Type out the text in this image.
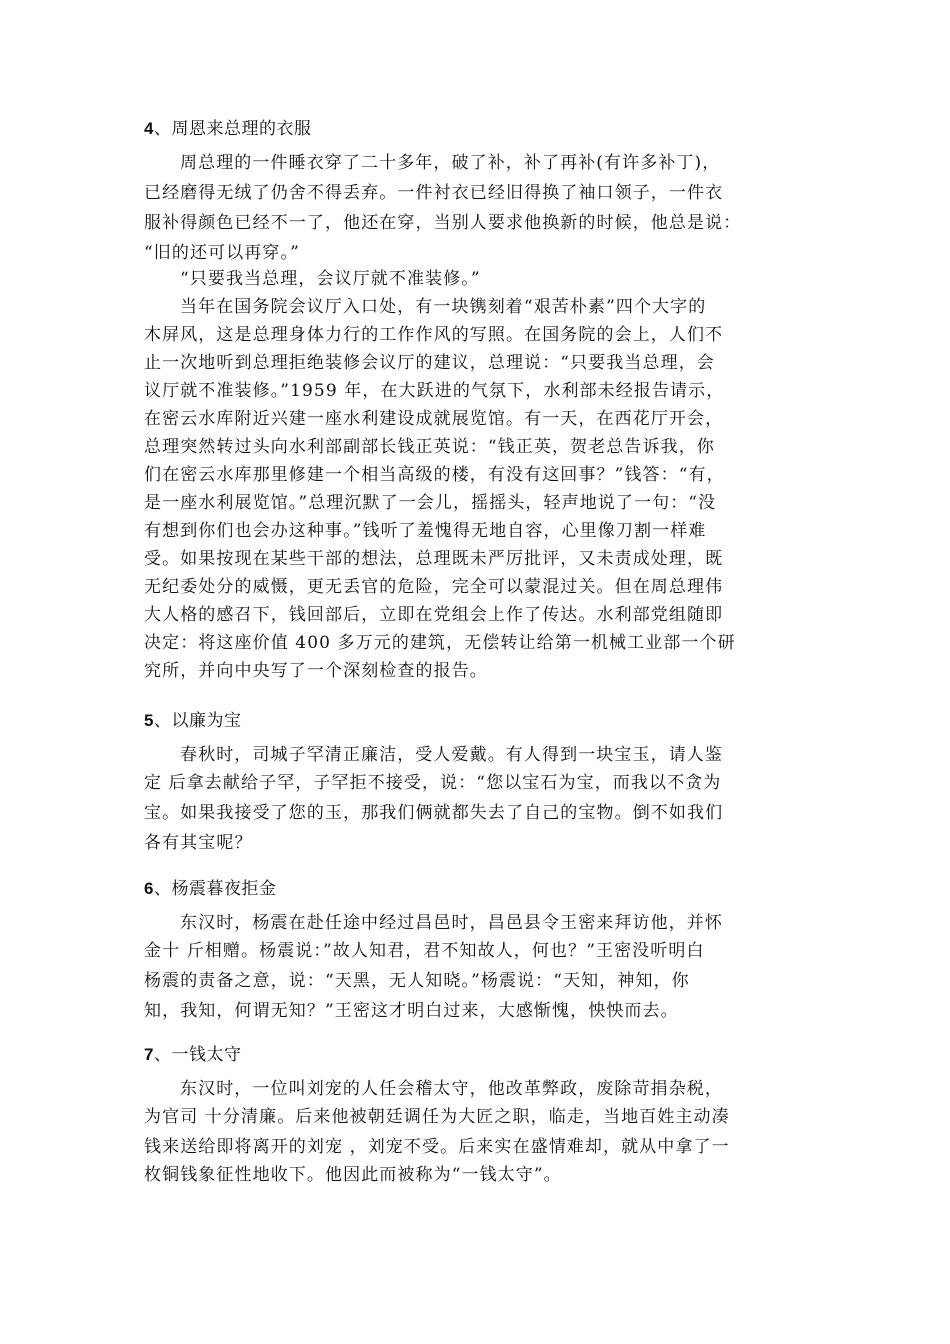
4、周恩来总理的衣服
周总理的一件睡衣穿了二十多年，破了补，补了再补(有许多补丁)，
已经磨得无绒了仍舍不得丢弃。一件衬衣已经旧得换了袖口领子，一件衣
服补得颜色已经不一了，他还在穿，当别人要求他换新的时候，他总是说：
“旧的还可以再穿。”
“只要我当总理，会议厅就不准装修。”
当年在国务院会议厅入口处，有一块镌刻着“艰苦朴素”四个大字的
木屏风，这是总理身体力行的工作作风的写照。在国务院的会上，人们不
止一次地听到总理拒绝装修会议厅的建议，总理说：“只要我当总理，会
议厅就不准装修。”1959 年，在大跃进的气氛下，水利部未经报告请示，
在密云水库附近兴建一座水利建设成就展览馆。有一天，在西花厅开会，
总理突然转过头向水利部副部长钱正英说：“钱正英，贺老总告诉我，你
们在密云水库那里修建一个相当高级的楼，有没有这回事？”钱答：“有，
是一座水利展览馆。”总理沉默了一会儿，摇摇头，轻声地说了一句：“没
有想到你们也会办这种事。”钱听了羞愧得无地自容，心里像刀割一样难
受。如果按现在某些干部的想法，总理既未严厉批评，又未责成处理，既
无纪委处分的威慑，更无丢官的危险，完全可以蒙混过关。但在周总理伟
大人格的感召下，钱回部后，立即在党组会上作了传达。水利部党组随即
决定：将这座价值 400 多万元的建筑，无偿转让给第一机械工业部一个研
究所，并向中央写了一个深刻检查的报告。
5、以廉为宝
春秋时，司城子罕清正廉洁，受人爱戴。有人得到一块宝玉，请人鉴
定 后拿去献给子罕，子罕拒不接受，说：“您以宝石为宝，而我以不贪为
宝。如果我接受了您的玉，那我们俩就都失去了自己的宝物。倒不如我们
各有其宝呢？
6、杨震暮夜拒金
东汉时，杨震在赴任途中经过昌邑时，昌邑县令王密来拜访他，并怀
金十 斤相赠。杨震说：”故人知君，君不知故人，何也？”王密没听明白
杨震的责备之意，说：“天黑，无人知晓。”杨震说：“天知，神知，你
知，我知，何谓无知？”王密这才明白过来，大感惭愧，怏怏而去。
7、一钱太守
东汉时，一位叫刘宠的人任会稽太守，他改革弊政，废除苛捐杂税，
为官司 十分清廉。后来他被朝廷调任为大匠之职，临走，当地百姓主动凑
钱来送给即将离开的刘宠 ，刘宠不受。后来实在盛情难却，就从中拿了一
枚铜钱象征性地收下。他因此而被称为“一钱太守”。
